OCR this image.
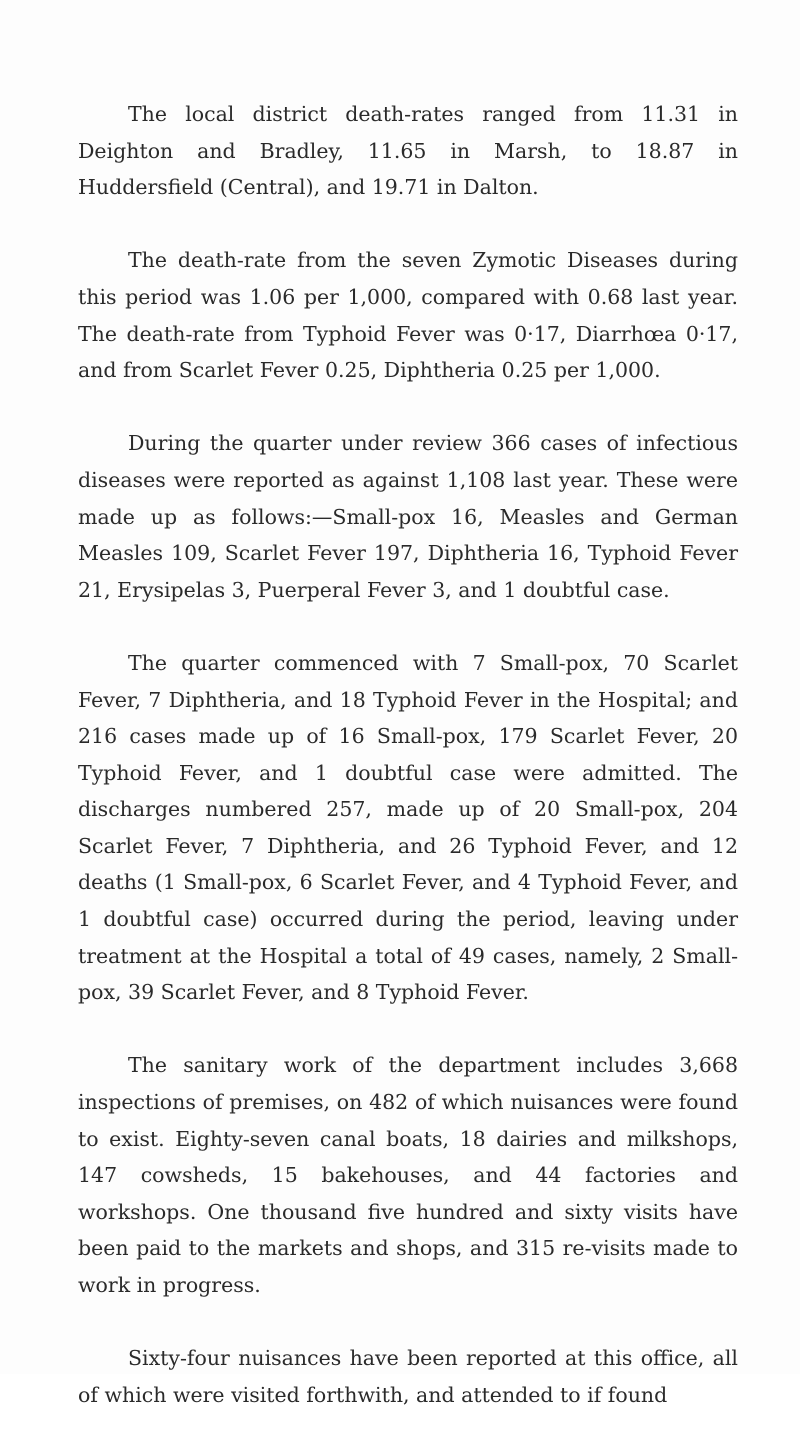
The local district death-rates ranged from 11.31 in Deighton and Bradley, 11.65 in Marsh, to 18.87 in Huddersfield (Central), and 19.71 in Dalton.

The death-rate from the seven Zymotic Diseases during this period was 1.06 per 1,000, compared with 0.68 last year. The death-rate from Typhoid Fever was 0·17, Diarrhœa 0·17, and from Scarlet Fever 0.25, Diphtheria 0.25 per 1,000.

During the quarter under review 366 cases of infectious diseases were reported as against 1,108 last year. These were made up as follows:—Small-pox 16, Measles and German Measles 109, Scarlet Fever 197, Diphtheria 16, Typhoid Fever 21, Erysipelas 3, Puerperal Fever 3, and 1 doubtful case.

The quarter commenced with 7 Small-pox, 70 Scarlet Fever, 7 Diphtheria, and 18 Typhoid Fever in the Hospital; and 216 cases made up of 16 Small-pox, 179 Scarlet Fever, 20 Typhoid Fever, and 1 doubtful case were admitted. The discharges numbered 257, made up of 20 Small-pox, 204 Scarlet Fever, 7 Diphtheria, and 26 Typhoid Fever, and 12 deaths (1 Small-pox, 6 Scarlet Fever, and 4 Typhoid Fever, and 1 doubtful case) occurred during the period, leaving under treatment at the Hospital a total of 49 cases, namely, 2 Small-pox, 39 Scarlet Fever, and 8 Typhoid Fever.

The sanitary work of the department includes 3,668 inspections of premises, on 482 of which nuisances were found to exist. Eighty-seven canal boats, 18 dairies and milkshops, 147 cowsheds, 15 bakehouses, and 44 factories and workshops. One thousand five hundred and sixty visits have been paid to the markets and shops, and 315 re-visits made to work in progress.

Sixty-four nuisances have been reported at this office, all of which were visited forthwith, and attended to if found
